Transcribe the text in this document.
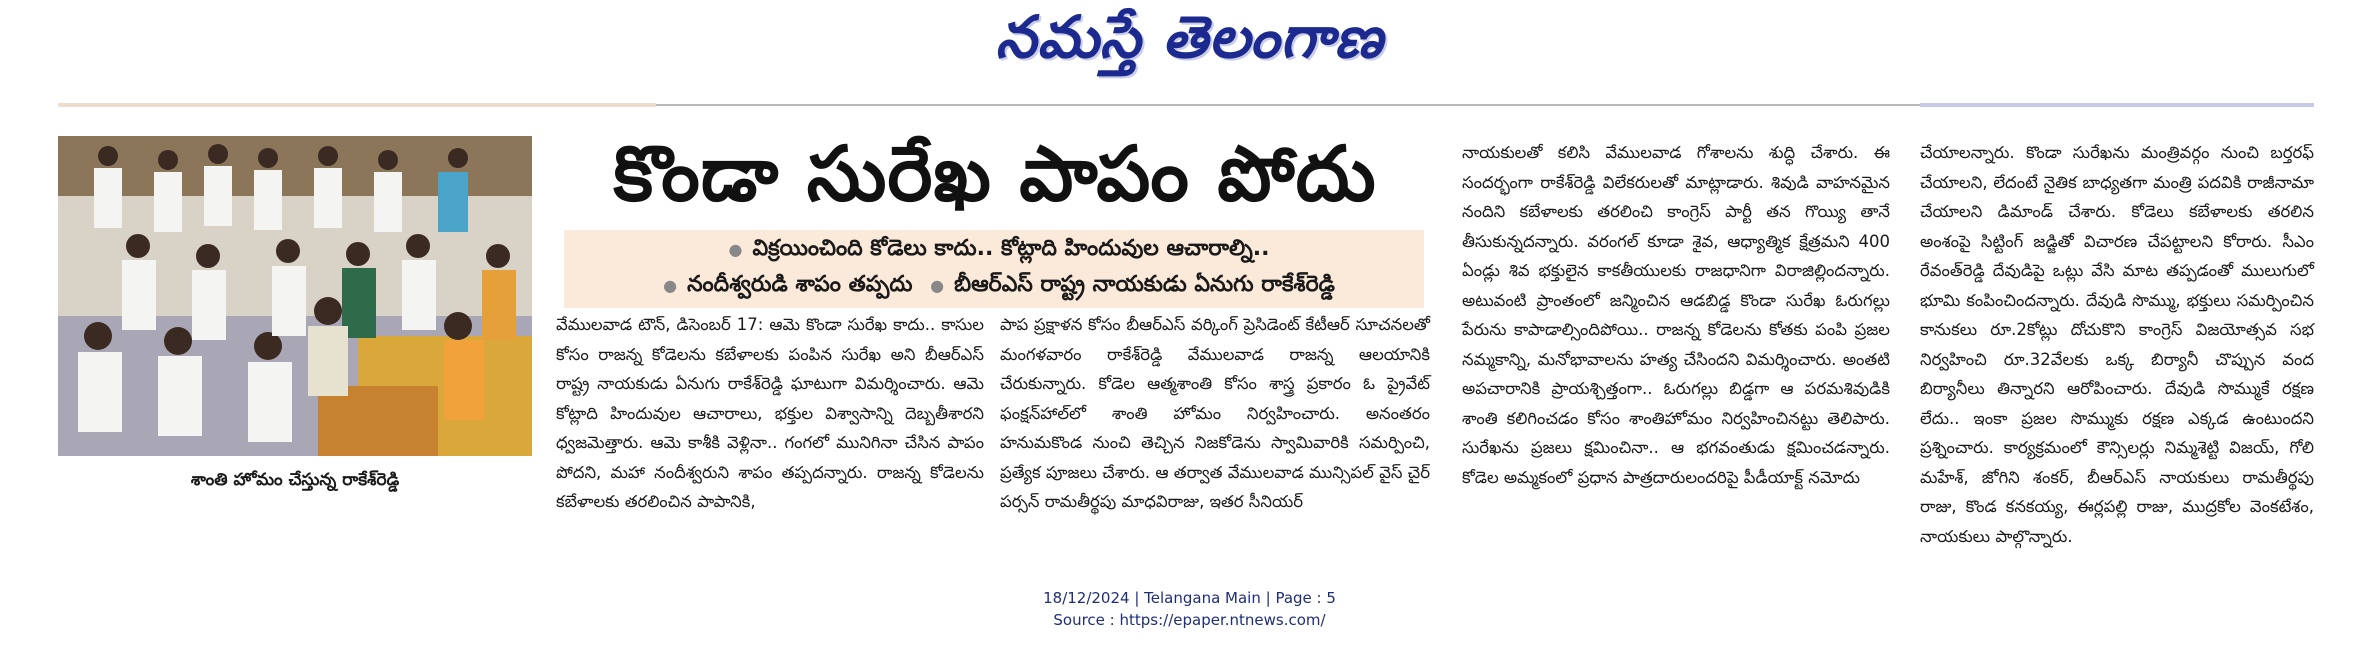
నమస్తే తెలంగాణ
శాంతి హోమం చేస్తున్న రాకేశ్‌రెడ్డి
కొండా సురేఖ పాపం పోదు
● విక్రయించింది కోడెలు కాదు.. కోట్లాది హిందువుల ఆచారాల్ని..
● నందీశ్వరుడి శాపం తప్పదు ● బీఆర్‌ఎస్‌ రాష్ట్ర నాయకుడు ఏనుగు రాకేశ్‌రెడ్డి

వేములవాడ టౌన్‌, డిసెంబర్‌ 17: ఆమె కొండా సురేఖ కాదు.. కాసుల కోసం రాజన్న కోడెలను కబేళాలకు పంపిన సురేఖ అని బీఆర్‌ఎస్‌ రాష్ట్ర నాయకుడు ఏనుగు రాకేశ్‌రెడ్డి ఘాటుగా విమర్శించారు. ఆమె కోట్లాది హిందువుల ఆచారాలు, భక్తుల విశ్వాసాన్ని దెబ్బతీశారని ధ్వజమెత్తారు. ఆమె కాశీకి వెళ్లినా.. గంగలో మునిగినా చేసిన పాపం పోదని, మహా నందీశ్వరుని శాపం తప్పదన్నారు. రాజన్న కోడెలను కబేళాలకు తరలించిన పాపానికి,

పాప ప్రక్షాళన కోసం బీఆర్‌ఎస్‌ వర్కింగ్‌ ప్రెసిడెంట్‌ కేటీఆర్‌ సూచనలతో మంగళవారం రాకేశ్‌రెడ్డి వేములవాడ రాజన్న ఆలయానికి చేరుకున్నారు. కోడెల ఆత్మశాంతి కోసం శాస్త్ర ప్రకారం ఓ ప్రైవేట్‌ ఫంక్షన్‌హాల్‌లో శాంతి హోమం నిర్వహించారు. అనంతరం హనుమకొండ నుంచి తెచ్చిన నిజకోడెను స్వామివారికి సమర్పించి, ప్రత్యేక పూజలు చేశారు. ఆ తర్వాత వేములవాడ మున్సిపల్‌ వైస్‌ చైర్‌ పర్సన్‌ రామతీర్థపు మాధవిరాజు, ఇతర సీనియర్‌

నాయకులతో కలిసి వేములవాడ గోశాలను శుద్ధి చేశారు. ఈ సందర్భంగా రాకేశ్‌రెడ్డి విలేకరులతో మాట్లాడారు. శివుడి వాహనమైన నందిని కబేళాలకు తరలించి కాంగ్రెస్‌ పార్టీ తన గొయ్యి తానే తీసుకున్నదన్నారు. వరంగల్‌ కూడా శైవ, ఆధ్యాత్మిక క్షేత్రమని 400 ఏండ్లు శివ భక్తులైన కాకతీయులకు రాజధానిగా విరాజిల్లిందన్నారు. అటువంటి ప్రాంతంలో జన్మించిన ఆడబిడ్డ కొండా సురేఖ ఓరుగల్లు పేరును కాపాడాల్సిందిపోయి.. రాజన్న కోడెలను కోతకు పంపి ప్రజల నమ్మకాన్ని, మనోభావాలను హత్య చేసిందని విమర్శించారు. అంతటి అపచారానికి ప్రాయశ్చిత్తంగా.. ఓరుగల్లు బిడ్డగా ఆ పరమశివుడికి శాంతి కలిగించడం కోసం శాంతిహోమం నిర్వహించినట్టు తెలిపారు. సురేఖను ప్రజలు క్షమించినా.. ఆ భగవంతుడు క్షమించడన్నారు. కోడెల అమ్మకంలో ప్రధాన పాత్రదారులందరిపై పీడీయాక్ట్‌ నమోదు

చేయాలన్నారు. కొండా సురేఖను మంత్రివర్గం నుంచి బర్తరఫ్‌ చేయాలని, లేదంటే నైతిక బాధ్యతగా మంత్రి పదవికి రాజీనామా చేయాలని డిమాండ్‌ చేశారు. కోడెలు కబేళాలకు తరలిన అంశంపై సిట్టింగ్‌ జడ్జితో విచారణ చేపట్టాలని కోరారు. సీఎం రేవంత్‌రెడ్డి దేవుడిపై ఒట్లు వేసి మాట తప్పడంతో ములుగులో భూమి కంపించిందన్నారు. దేవుడి సొమ్ము, భక్తులు సమర్పించిన కానుకలు రూ.2కోట్లు దోచుకొని కాంగ్రెస్‌ విజయోత్సవ సభ నిర్వహించి రూ.32వేలకు ఒక్క బిర్యానీ చొప్పున వంద బిర్యానీలు తిన్నారని ఆరోపించారు. దేవుడి సొమ్ముకే రక్షణ లేదు.. ఇంకా ప్రజల సొమ్ముకు రక్షణ ఎక్కడ ఉంటుందని ప్రశ్నించారు. కార్యక్రమంలో కౌన్సిలర్లు నిమ్మశెట్టి విజయ్‌, గోలి మహేశ్‌, జోగిని శంకర్‌, బీఆర్‌ఎస్‌ నాయకులు రామతీర్థపు రాజు, కొండ కనకయ్య, ఈర్లపల్లి రాజు, ముద్రకోల వెంకటేశం, నాయకులు పాల్గొన్నారు.

18/12/2024 | Telangana Main | Page : 5
Source : https://epaper.ntnews.com/
